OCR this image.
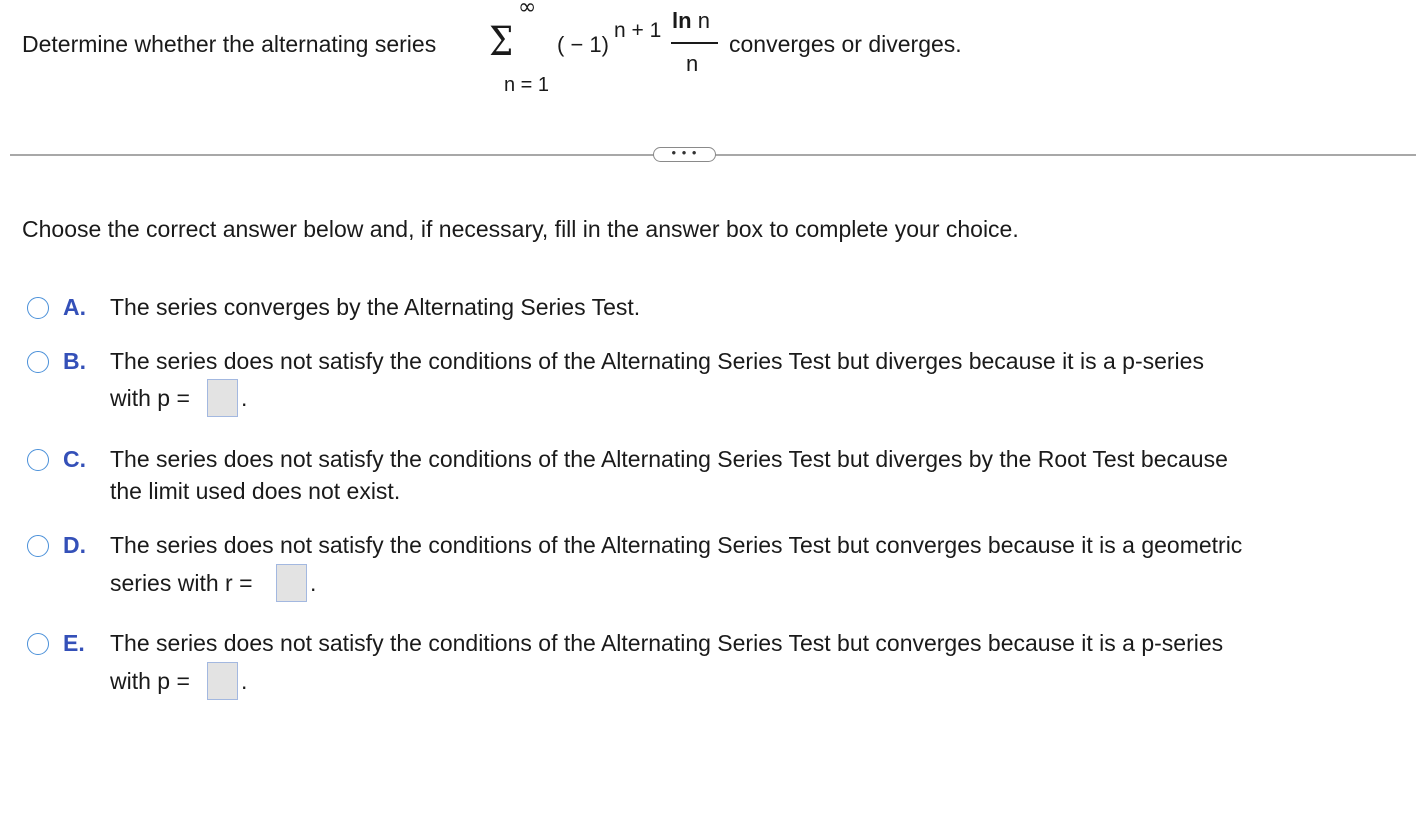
Determine whether the alternating series
∞
Σ
n = 1
( − 1)
n + 1 ln n
n
converges or diverges.
• • •
Choose the correct answer below and, if necessary, fill in the answer box to complete your choice.
A. The series converges by the Alternating Series Test.
B. The series does not satisfy the conditions of the Alternating Series Test but diverges because it is a p-series
with p = .
C. The series does not satisfy the conditions of the Alternating Series Test but diverges by the Root Test because
the limit used does not exist.
D. The series does not satisfy the conditions of the Alternating Series Test but converges because it is a geometric
series with r = .
E. The series does not satisfy the conditions of the Alternating Series Test but converges because it is a p-series
with p = .
